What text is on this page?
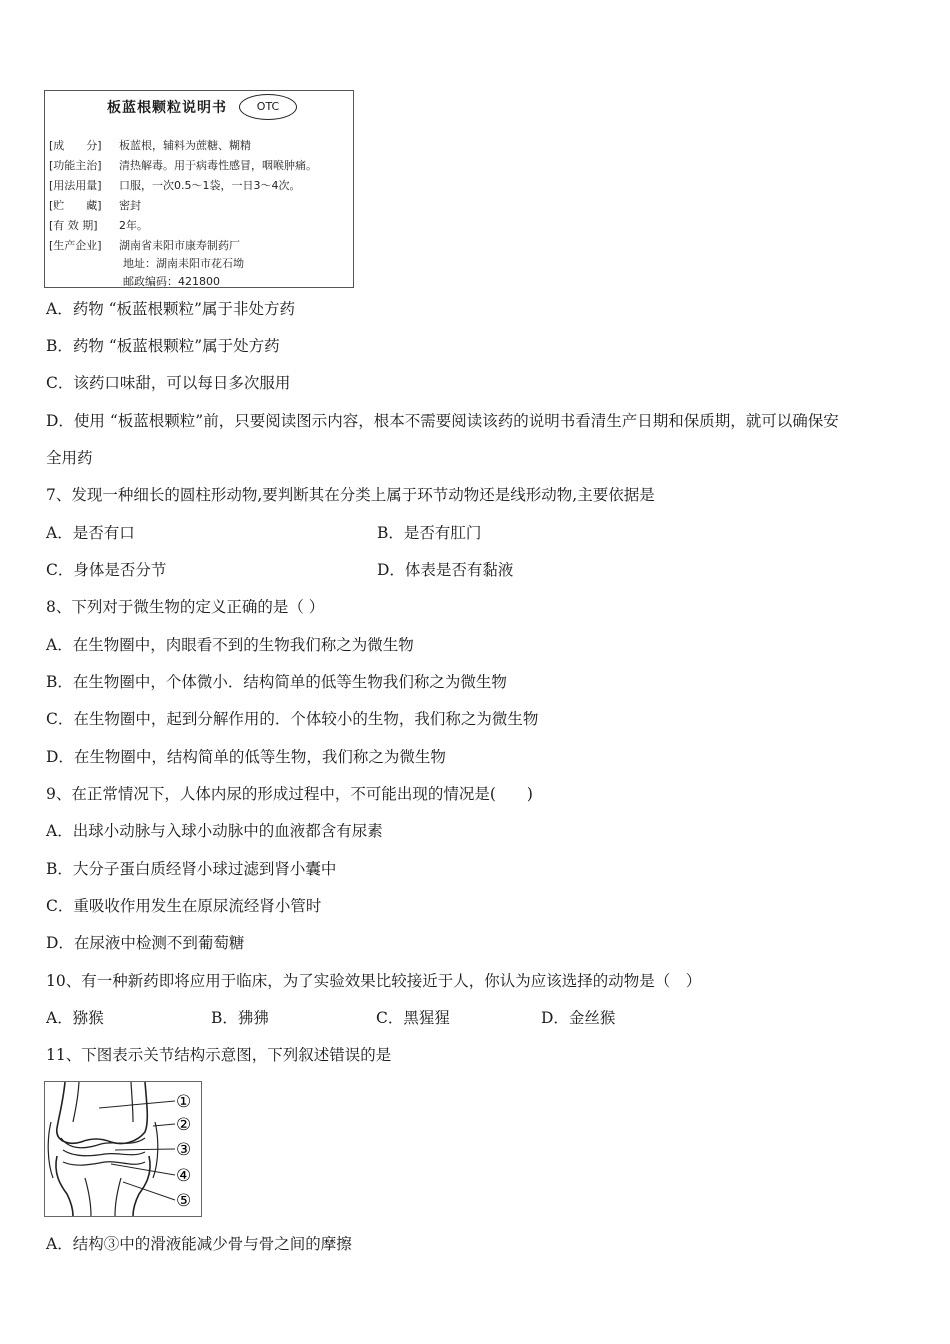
板蓝根颗粒说明书	OTC
[成　　分] 板蓝根，辅料为蔗糖、糊精
[功能主治] 清热解毒。用于病毒性感冒，咽喉肿痛。
[用法用量] 口服，一次0.5～1袋，一日3～4次。
[贮　　藏] 密封
[有 效 期] 2年。
[生产企业] 湖南省耒阳市康寿制药厂
地址：湖南耒阳市花石坳
邮政编码：421800
A．药物 “板蓝根颗粒”属于非处方药
B．药物 “板蓝根颗粒”属于处方药
C．该药口味甜，可以每日多次服用
D．使用 “板蓝根颗粒”前，只要阅读图示内容，根本不需要阅读该药的说明书看清生产日期和保质期，就可以确保安
全用药
7、发现一种细长的圆柱形动物,要判断其在分类上属于环节动物还是线形动物,主要依据是
A．是否有口	B．是否有肛门
C．身体是否分节	D．体表是否有黏液
8、下列对于微生物的定义正确的是（ ）
A．在生物圈中，肉眼看不到的生物我们称之为微生物
B．在生物圈中，个体微小．结构简单的低等生物我们称之为微生物
C．在生物圈中，起到分解作用的．个体较小的生物，我们称之为微生物
D．在生物圈中，结构简单的低等生物，我们称之为微生物
9、在正常情况下，人体内尿的形成过程中，不可能出现的情况是(　　)
A．出球小动脉与入球小动脉中的血液都含有尿素
B．大分子蛋白质经肾小球过滤到肾小囊中
C．重吸收作用发生在原尿流经肾小管时
D．在尿液中检测不到葡萄糖
10、有一种新药即将应用于临床，为了实验效果比较接近于人，你认为应该选择的动物是（　）
A．猕猴	B．狒狒	C．黑猩猩	D．金丝猴
11、下图表示关节结构示意图，下列叙述错误的是
①
②
③
④
⑤
A．结构③中的滑液能减少骨与骨之间的摩擦
